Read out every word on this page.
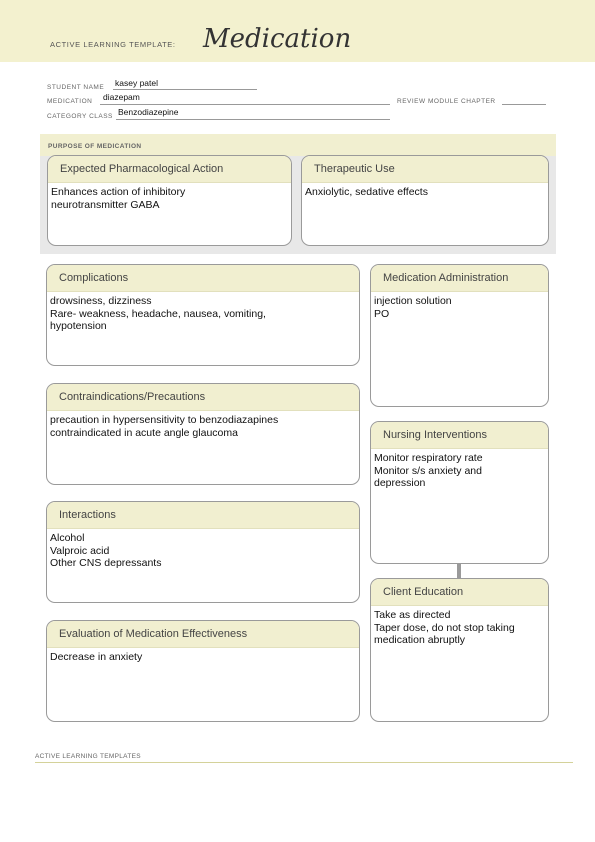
ACTIVE LEARNING TEMPLATE: Medication
STUDENT NAME kasey patel
MEDICATION diazepam	REVIEW MODULE CHAPTER
CATEGORY CLASS Benzodiazepine
PURPOSE OF MEDICATION
Expected Pharmacological Action
Enhances action of inhibitory
neurotransmitter GABA
Therapeutic Use
Anxiolytic, sedative effects
Complications
drowsiness, dizziness
Rare- weakness, headache, nausea, vomiting,
hypotension
Contraindications/Precautions
precaution in hypersensitivity to benzodiazapines
contraindicated in acute angle glaucoma
Interactions
Alcohol
Valproic acid
Other CNS depressants
Evaluation of Medication Effectiveness
Decrease in anxiety
Medication Administration
injection solution
PO
Nursing Interventions
Monitor respiratory rate
Monitor s/s anxiety and
depression
Client Education
Take as directed
Taper dose, do not stop taking
medication abruptly
ACTIVE LEARNING TEMPLATES
